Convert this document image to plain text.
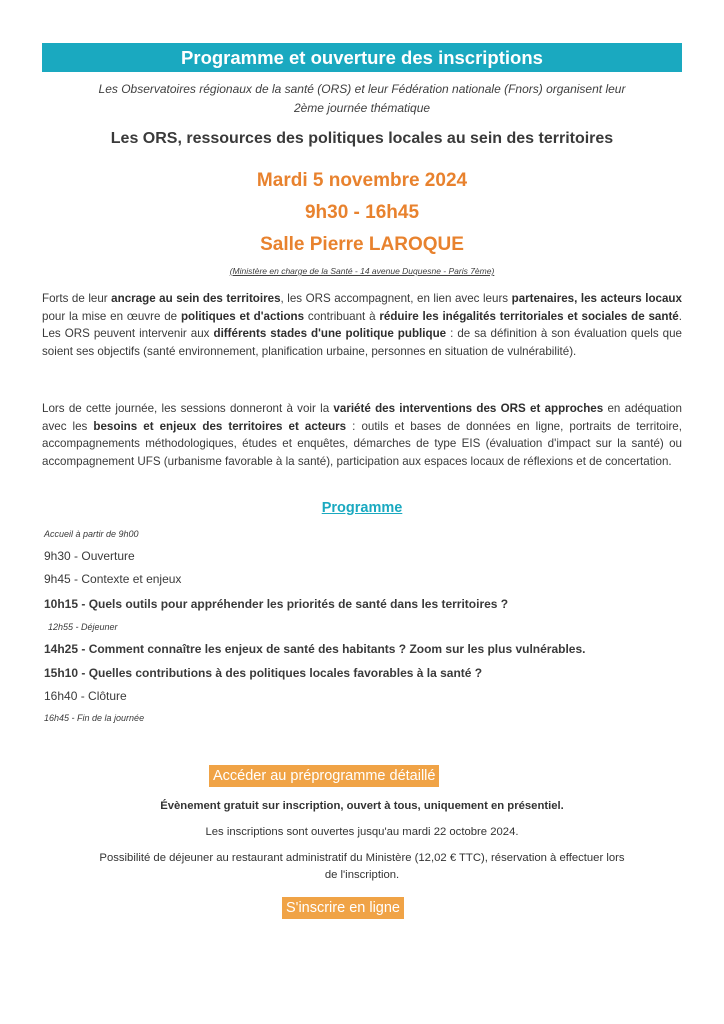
Programme et ouverture des inscriptions
Les Observatoires régionaux de la santé (ORS) et leur Fédération nationale (Fnors) organisent leur
2ème journée thématique
Les ORS, ressources des politiques locales au sein des territoires
Mardi 5 novembre 2024
9h30 - 16h45
Salle Pierre LAROQUE
(Ministère en charge de la Santé - 14 avenue Duquesne - Paris 7ème)
Forts de leur ancrage au sein des territoires, les ORS accompagnent, en lien avec leurs partenaires, les acteurs locaux pour la mise en œuvre de politiques et d'actions contribuant à réduire les inégalités territoriales et sociales de santé. Les ORS peuvent intervenir aux différents stades d'une politique publique : de sa définition à son évaluation quels que soient ses objectifs (santé environnement, planification urbaine, personnes en situation de vulnérabilité).
Lors de cette journée, les sessions donneront à voir la variété des interventions des ORS et approches en adéquation avec les besoins et enjeux des territoires et acteurs : outils et bases de données en ligne, portraits de territoire, accompagnements méthodologiques, études et enquêtes, démarches de type EIS (évaluation d'impact sur la santé) ou accompagnement UFS (urbanisme favorable à la santé), participation aux espaces locaux de réflexions et de concertation.
Programme
Accueil à partir de 9h00
9h30 - Ouverture
9h45 - Contexte et enjeux
10h15 - Quels outils pour appréhender les priorités de santé dans les territoires ?
12h55 - Déjeuner
14h25 - Comment connaître les enjeux de santé des habitants ? Zoom sur les plus vulnérables.
15h10 - Quelles contributions à des politiques locales favorables à la santé ?
16h40 - Clôture
16h45 - Fin de la journée
Accéder au préprogramme détaillé
Évènement gratuit sur inscription, ouvert à tous, uniquement en présentiel.
Les inscriptions sont ouvertes jusqu'au mardi 22 octobre 2024.
Possibilité de déjeuner au restaurant administratif du Ministère (12,02 € TTC), réservation à effectuer lors
de l'inscription.
S'inscrire en ligne
